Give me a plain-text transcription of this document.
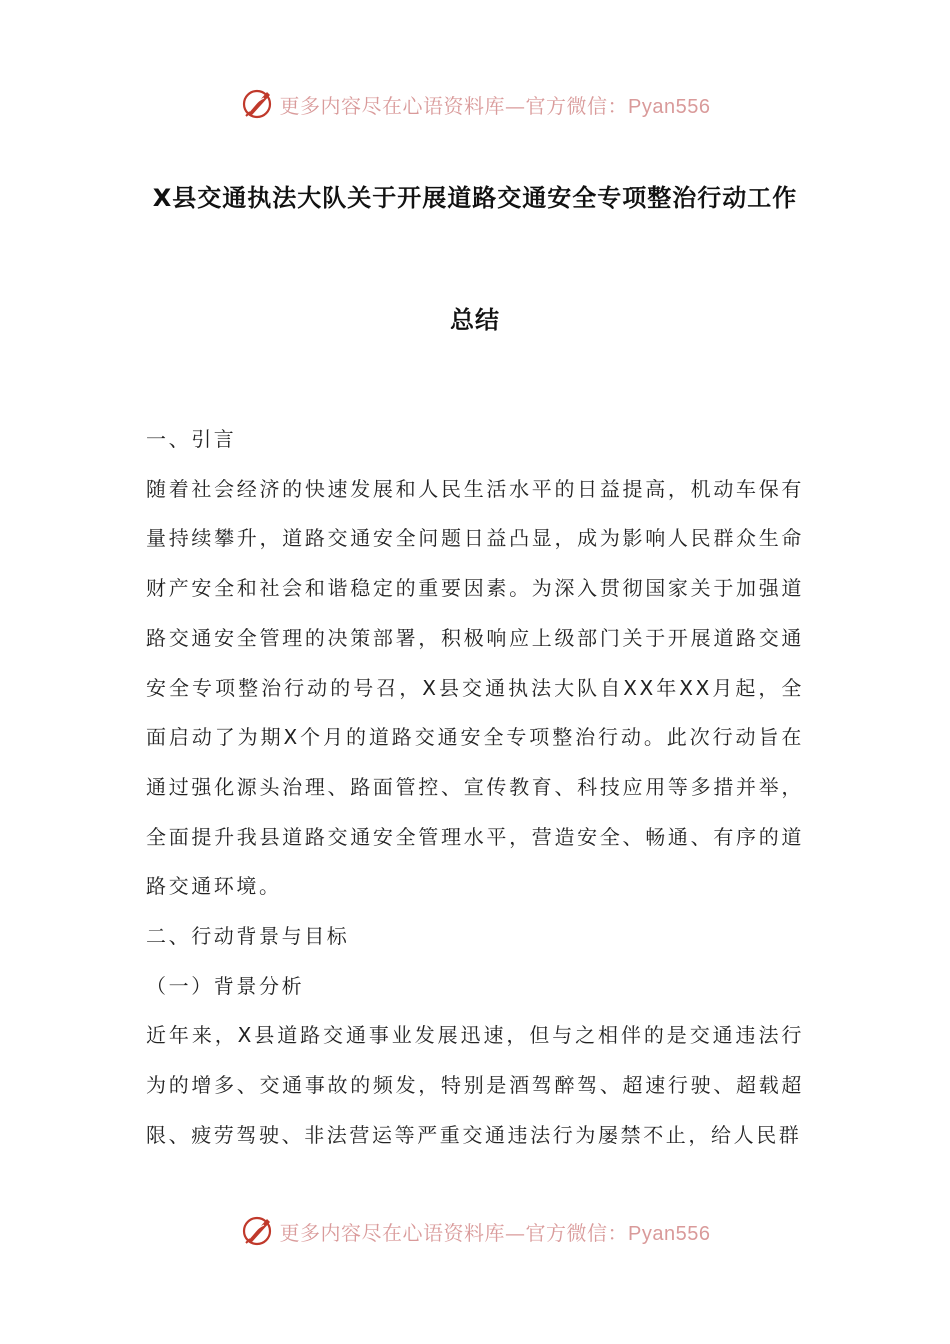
更多内容尽在心语资料库—官方微信：Pyan556
X县交通执法大队关于开展道路交通安全专项整治行动工作
总结

一、引言

随着社会经济的快速发展和人民生活水平的日益提高，机动车保有量持续攀升，道路交通安全问题日益凸显，成为影响人民群众生命财产安全和社会和谐稳定的重要因素。为深入贯彻国家关于加强道路交通安全管理的决策部署，积极响应上级部门关于开展道路交通安全专项整治行动的号召，X县交通执法大队自XX年XX月起，全面启动了为期X个月的道路交通安全专项整治行动。此次行动旨在通过强化源头治理、路面管控、宣传教育、科技应用等多措并举，全面提升我县道路交通安全管理水平，营造安全、畅通、有序的道路交通环境。

二、行动背景与目标

（一）背景分析

近年来，X县道路交通事业发展迅速，但与之相伴的是交通违法行为的增多、交通事故的频发，特别是酒驾醉驾、超速行驶、超载超限、疲劳驾驶、非法营运等严重交通违法行为屡禁不止，给人民群

更多内容尽在心语资料库—官方微信：Pyan556
